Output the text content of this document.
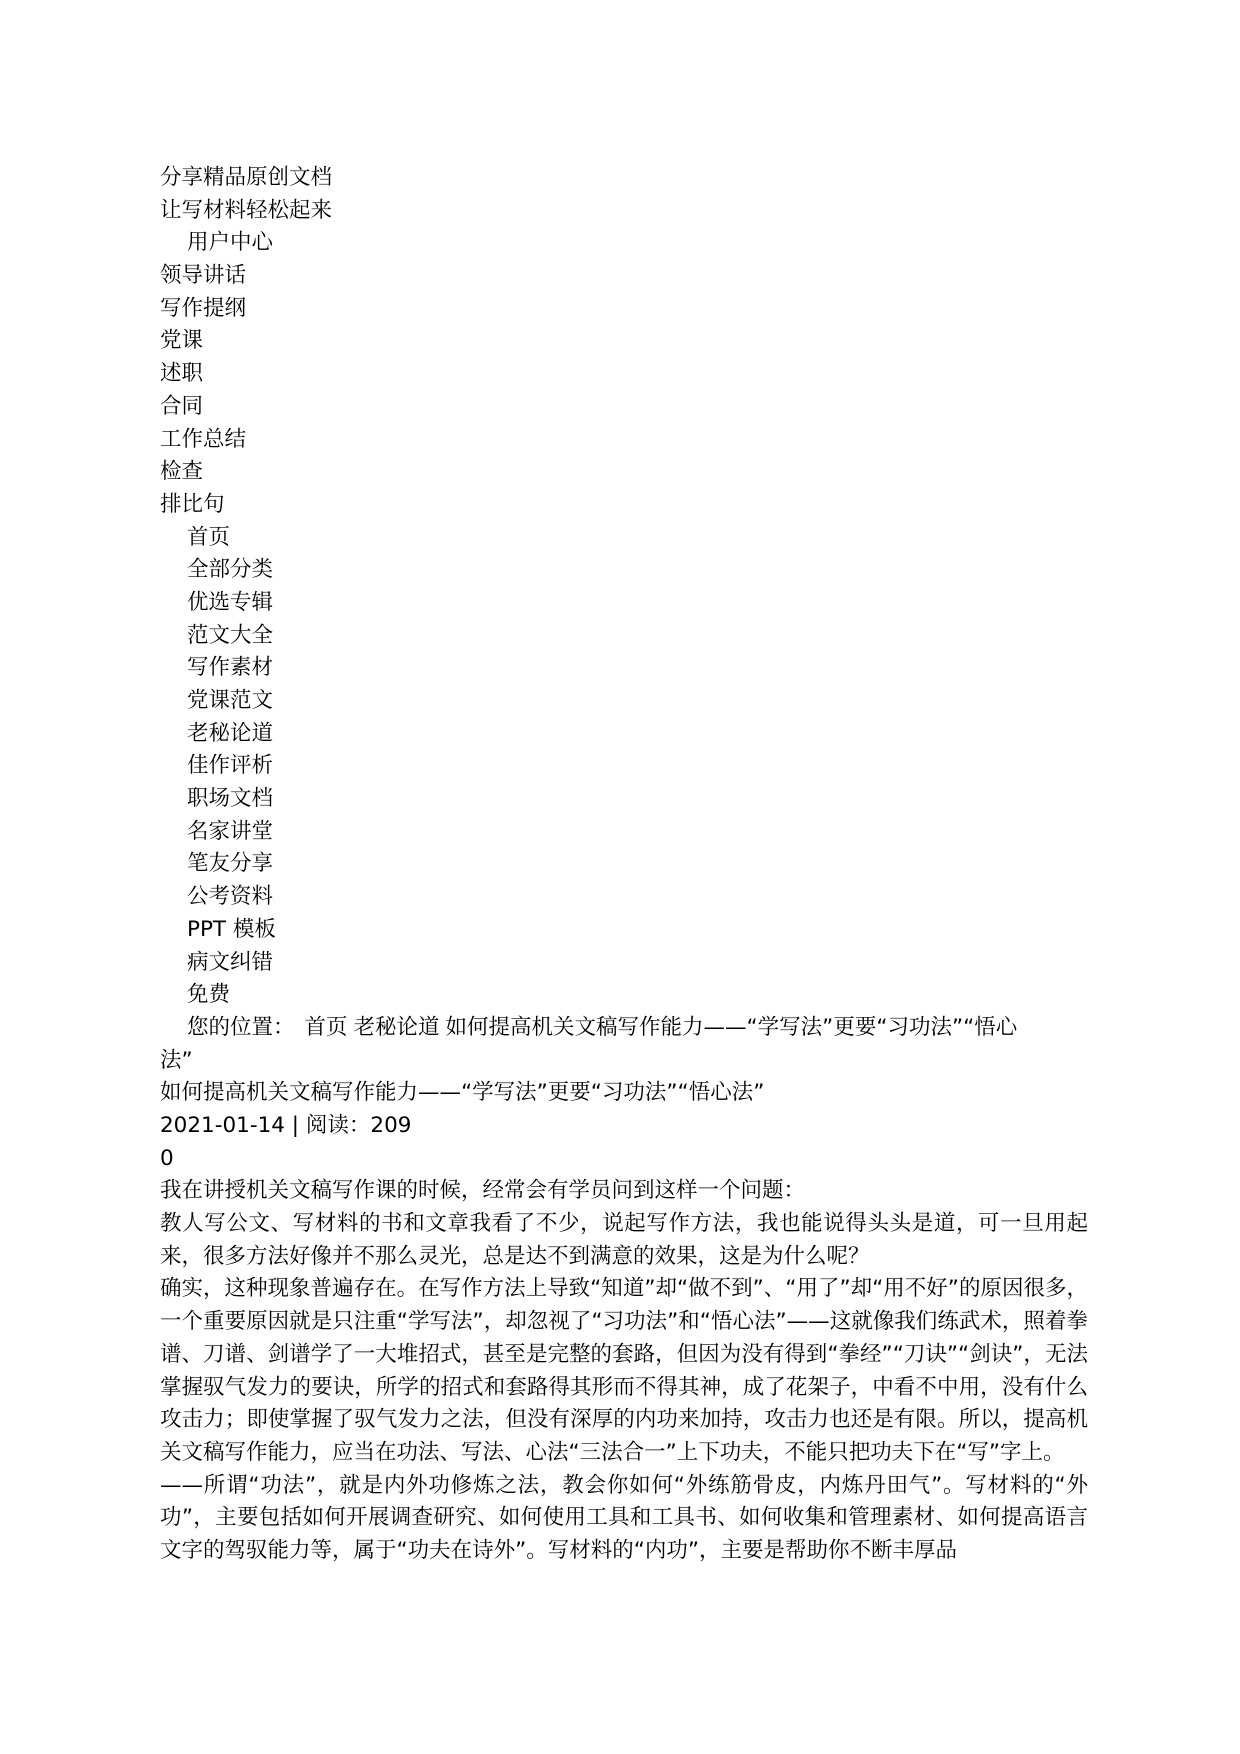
分享精品原创文档
让写材料轻松起来
用户中心
领导讲话
写作提纲
党课
述职
合同
工作总结
检查
排比句
首页
全部分类
优选专辑
范文大全
写作素材
党课范文
老秘论道
佳作评析
职场文档
名家讲堂
笔友分享
公考资料
PPT 模板
病文纠错
免费
您的位置： 首页 老秘论道 如何提高机关文稿写作能力——“学写法”更要“习功法”“悟心
法”
如何提高机关文稿写作能力——“学写法”更要“习功法”“悟心法”
2021-01-14 | 阅读：209
0

我在讲授机关文稿写作课的时候，经常会有学员问到这样一个问题：

教人写公文、写材料的书和文章我看了不少，说起写作方法，我也能说得头头是道，可一旦用起来，很多方法好像并不那么灵光，总是达不到满意的效果，这是为什么呢？

确实，这种现象普遍存在。在写作方法上导致“知道”却“做不到”、“用了”却“用不好”的原因很多，一个重要原因就是只注重“学写法”，却忽视了“习功法”和“悟心法”——这就像我们练武术，照着拳谱、刀谱、剑谱学了一大堆招式，甚至是完整的套路，但因为没有得到“拳经”“刀诀”“剑诀”，无法掌握驭气发力的要诀，所学的招式和套路得其形而不得其神，成了花架子，中看不中用，没有什么攻击力；即使掌握了驭气发力之法，但没有深厚的内功来加持，攻击力也还是有限。所以，提高机关文稿写作能力，应当在功法、写法、心法“三法合一”上下功夫，不能只把功夫下在“写”字上。

——所谓“功法”，就是内外功修炼之法，教会你如何“外练筋骨皮，内炼丹田气”。写材料的“外功”，主要包括如何开展调查研究、如何使用工具和工具书、如何收集和管理素材、如何提高语言文字的驾驭能力等，属于“功夫在诗外”。写材料的“内功”，主要是帮助你不断丰厚品
